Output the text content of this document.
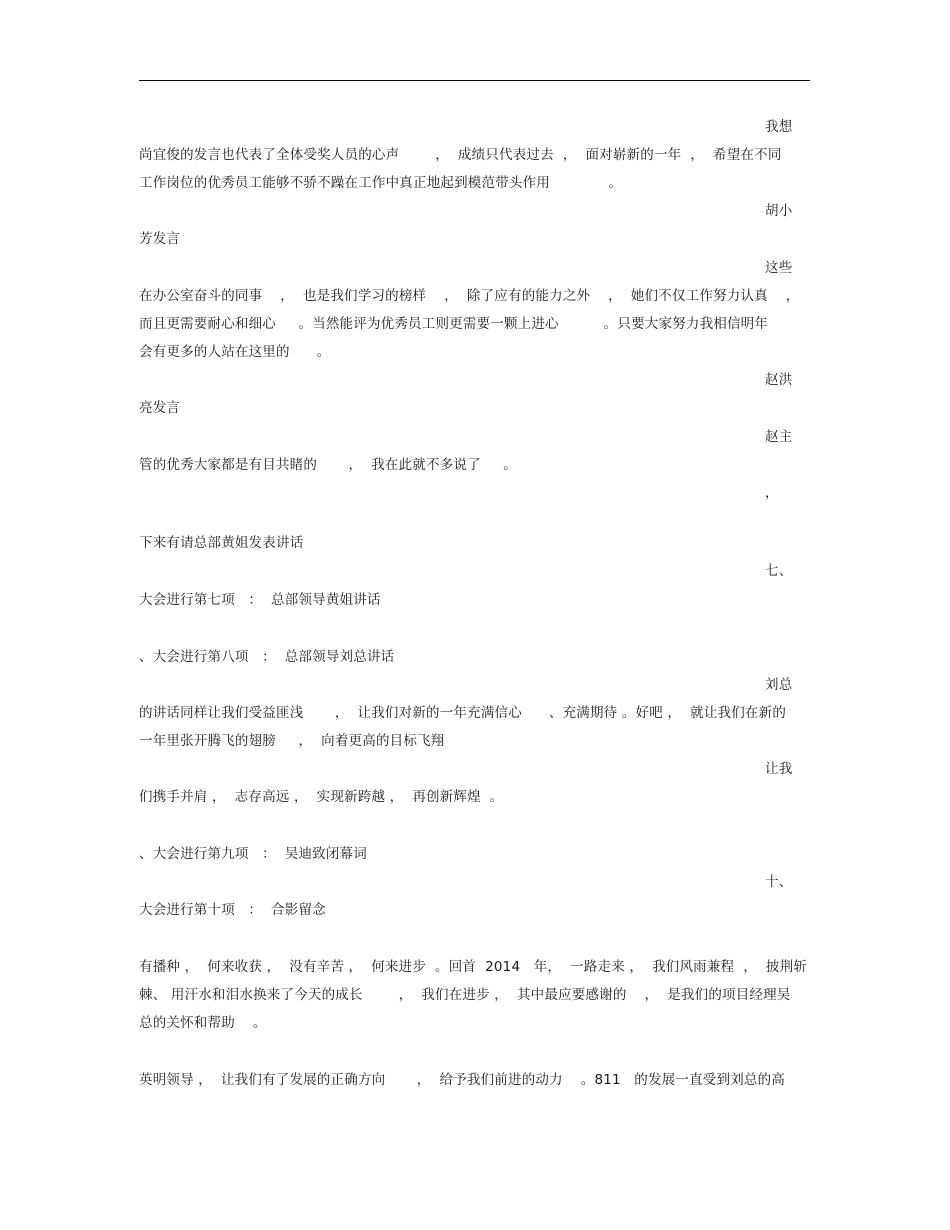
我想
尚宜俊的发言也代表了全体受奖人员的心声        ，  成绩只代表过去  ，  面对崭新的一年  ，  希望在不同
工作岗位的优秀员工能够不骄不躁在工作中真正地起到模范带头作用             。
胡小
芳发言
这些
在办公室奋斗的同事    ，  也是我们学习的榜样    ，  除了应有的能力之外    ，  她们不仅工作努力认真    ，
而且更需要耐心和细心     。当然能评为优秀员工则更需要一颗上进心          。只要大家努力我相信明年
会有更多的人站在这里的      。
赵洪
亮发言
赵主
管的优秀大家都是有目共睹的       ，  我在此就不多说了     。
，
下来有请总部黄姐发表讲话
七、
大会进行第七项   ：  总部领导黄姐讲话
、大会进行第八项   ：  总部领导刘总讲话
刘总
的讲话同样让我们受益匪浅       ，  让我们对新的一年充满信心      、充满期待 。好吧 ，  就让我们在新的
一年里张开腾飞的翅膀     ，  向着更高的目标飞翔
让我
们携手并肩 ，  志存高远 ，  实现新跨越 ，  再创新辉煌  。
、大会进行第九项   ：  吴迪致闭幕词
十、
大会进行第十项   ：  合影留念
有播种 ，  何来收获 ，  没有辛苦 ，  何来进步  。回首  2014   年，  一路走来 ，  我们风雨兼程  ，  披荆斩
棘、 用汗水和泪水换来了今天的成长        ，  我们在进步 ，  其中最应要感谢的    ，  是我们的项目经理吴
总的关怀和帮助    。
英明领导 ，  让我们有了发展的正确方向       ，  给予我们前进的动力    。811   的发展一直受到刘总的高
